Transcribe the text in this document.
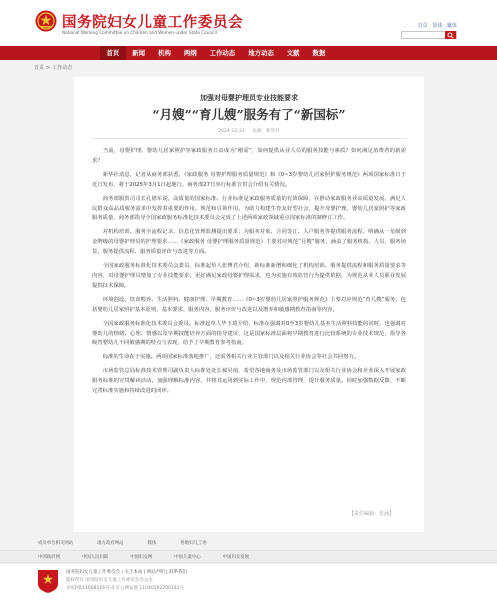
国务院妇女儿童工作委员会
National Working Committee on Children and Women under State Council
首页 简体 繁体
首页	新闻	机构	两纲	工作动态	地方动态	文献	数据
首页 > 工作动态
加强对母婴护理员专业技能要求
“月嫂”“育儿嫂”服务有了“新国标”
2024-12-31 来源：新华社

当前，母婴护理、婴幼儿居家照护等家政服务日益成为“刚需”，如何提供从业人员的服务技能与素质？如何满足消费者的新需求？

新华社消息，记者从商务部获悉，《家政服务 母婴护理服务质量规范》和《0~3岁婴幼儿居家照护服务规范》两项国家标准日于近日发布，将于2025年3月1日起施行。商务部27日举行标准宣贯会介绍有关情况。

商务部服贸司司长孔德军说，高质量的国家标准、行业标准是家政服务质量的有效保障，在推动家政服务业高质量发展、满足人民群众高品质服务需求中发挥着重要的作用。规范和引领作用。为助力构建生育友好型社会，提升母婴护理、婴幼儿居家照护等家政服务质量，商务部指导全国家政服务标准化技术委员会完成了上述两项家政领域重点国家标准的制修订工作。

对机构培训、服务全流程记录、信息化管理监测提出要求；为服务对象、合同签订、入户服务等提供服务流程，明确从一星级到金牌级的母婴护理员的护理要求……《家政服务 母婴护理服务质量规范》主要对应规范“月嫂”服务，涵盖了服务机构、人员、服务场景、服务提供流程、服务质量评价与改进等方面。

全国家政服务标准化技术委员会委员、标准起草人张博君介绍，新标准新增和细化了机构培训、服务提供流程和服务质量要求等内容，对母婴护理员增加了专业技能要求，更好满足家政母婴护理需求，也为实施有效监管行为提供依据，为规范从业人员职业发展提供技术保障。

环境创设、饮食喂养、生活照料、健康护理、早期教育……《0~3岁婴幼儿居家照护服务规范》主要对应规范“育儿嫂”服务，包括婴幼儿居家照护基本原则、基本要求、服务内容、服务评价与改进以及增养和敏感期教育指南等内容。

全国家政服务标准化技术委员会委员、标准起草人毕玉琦介绍，标准在强调对0至3岁婴幼儿基本生活照料技能的同时，也强调对婴幼儿的情绪、心理、情感以及早期技能培养方面的指导建议，这是国家标准层面将早期教育进行比较系统的专业技术规范，指导各级育婴幼儿不同敏感期的特点与表现，给予了早期教育参考指南。

标准的生命在于实施。两项国家标准落地推广，还需各相关行业主管部门以及相关行业协会等社会共同努力。

市场监管总局标准技术管理司副负责人标准处处长郝昊南，希望各地商务及市场监管部门以及相关行业协会和企业深入开展家政服务标准的宣贯解读活动，加强理解标准内容，并将其运用到实际工作中，规范内部管理，提升服务质量。同时加强数据反馈，不断完善标准实施和持续改进的闭环。

【责任编辑：张涵】
成员单位相关网站	地方政府网站	媒体	各地妇儿工委
中国政府网	中国人民妇联	中国妇女网	中国儿童中心	中国妇女发展
国务院妇女儿童工作委员会 | 关于本站 | 网站声明 | 联系我们
版权所有 国务院妇女儿童工作委员会办公室
京ICP备11008116号-4 京公网安备 11040102700141号
